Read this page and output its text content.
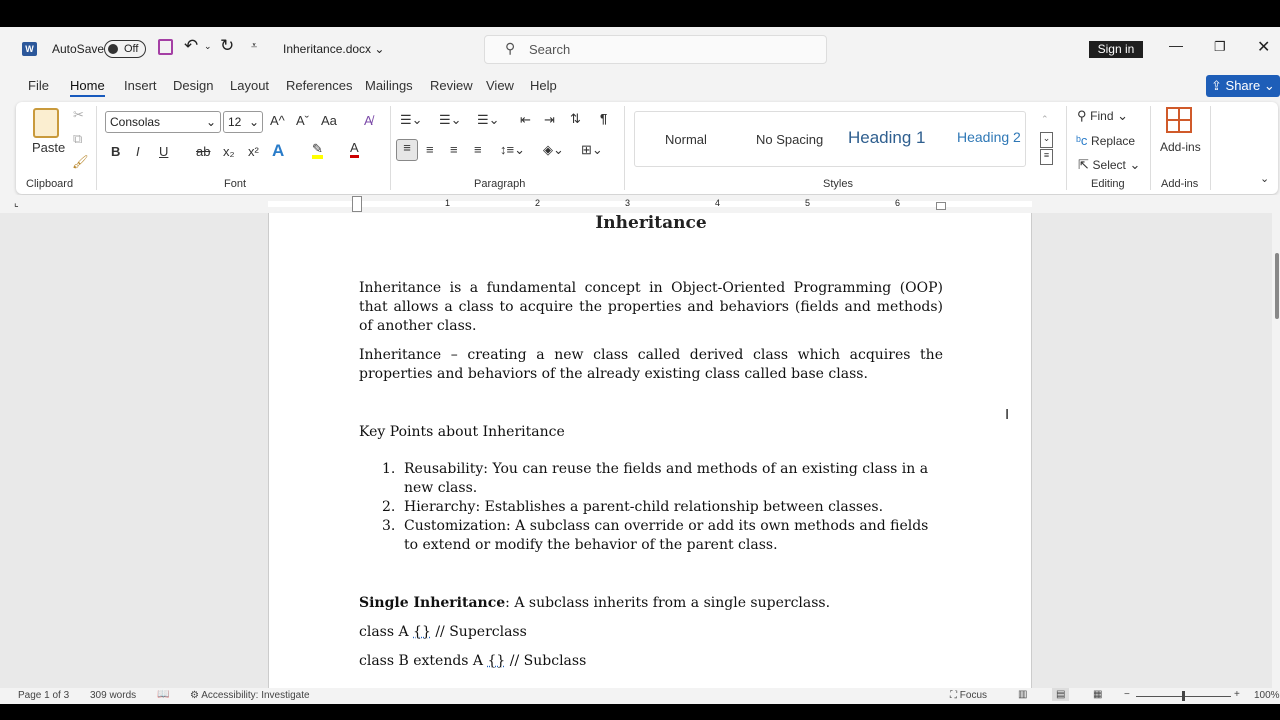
W AutoSave Off	↶ ⌄ ↻ ⩡ Inheritance.docx ⌄	⚲ Search	Sign in	— ❐ ✕
File Home Insert Design Layout References Mailings Review View Help	⇪ Share ⌄
Paste
✂
⧉
🖌
Clipboard
Consolas	⌄	12 ⌄ A^ Aˇ Aa A̸
B I U ab x₂ x² A ✎ A
Font
☰⌄ ☰⌄ ☰⌄ ⇤ ⇥ ⇅ ¶
≡	≡ ≡ ≡ ↕≡⌄ ◈⌄ ⊞⌄
Paragraph
Normal	No Spacing Heading 1 Heading 2
⌃
⌄
≡
Styles
⚲ Find ⌄
ᵇc Replace
⇱ Select ⌄
Editing
Add-ins
Add-ins	⌄
⌞	1	2	3	4	5	6
Inheritance

Inheritance is a fundamental concept in Object-Oriented Programming (OOP) that allows a class to acquire the properties and behaviors (fields and methods) of another class.

Inheritance – creating a new class called derived class which acquires the properties and behaviors of the already existing class called base class.

Key Points about Inheritance

1. Reusability: You can reuse the fields and methods of an existing class in a new class.
2. Hierarchy: Establishes a parent-child relationship between classes.
3. Customization: A subclass can override or add its own methods and fields to extend or modify the behavior of the parent class.

Single Inheritance: A subclass inherits from a single superclass.

class A {} // Superclass

class B extends A {} // Subclass

I
Page 1 of 3 309 words 📖 ⚙ Accessibility: Investigate	⛶ Focus	▥	▤	▦ −	+ 100%
